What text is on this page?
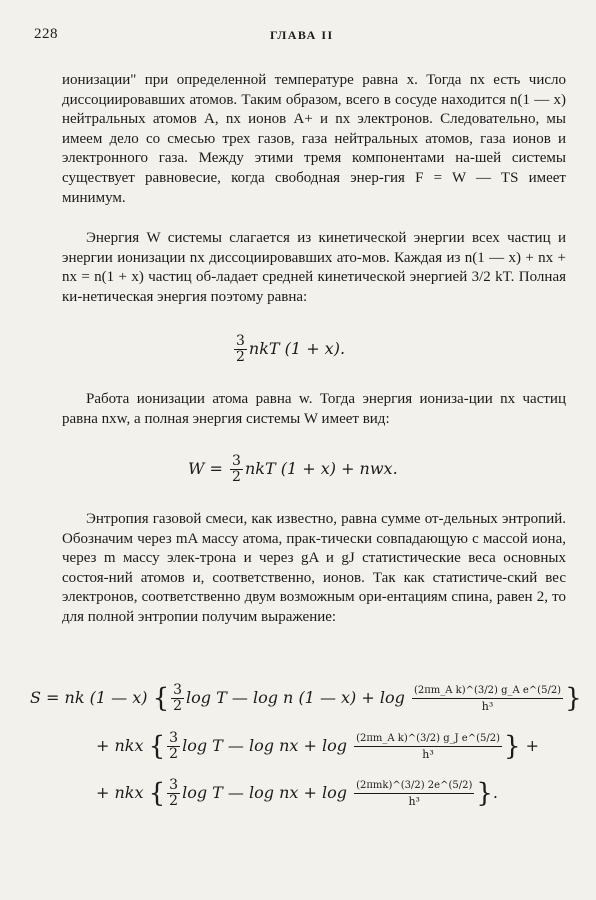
228	ГЛАВА II
ионизации" при определенной температуре равна x. Тогда nx есть число диссоциировавших атомов. Таким образом, всего в сосуде находится n(1 — x) нейтральных атомов A, nx ионов A+ и nx электронов. Следовательно, мы имеем дело со смесью трех газов, газа нейтральных атомов, газа ионов и электронного газа. Между этими тремя компонентами на-шей системы существует равновесие, когда свободная энер-гия F = W — TS имеет минимум.
Энергия W системы слагается из кинетической энергии всех частиц и энергии ионизации nx диссоциировавших ато-мов. Каждая из n(1 — x) + nx + nx = n(1 + x) частиц об-ладает средней кинетической энергией 3/2 kT. Полная ки-нетическая энергия поэтому равна:
$\frac{3}{2}$ nkT (1 + x).
Работа ионизации атома равна w. Тогда энергия иониза-ции nx частиц равна nxw, а полная энергия системы W имеет вид:
$W = \frac{3}{2}$ nkT (1 + x) + nwx.
Энтропия газовой смеси, как известно, равна сумме от-дельных энтропий. Обозначим через mA массу атома, прак-тически совпадающую с массой иона, через m массу элек-трона и через gA и gJ статистические веса основных состоя-ний атомов и, соответственно, ионов. Так как статистиче-ский вес электронов, соответственно двум возможным ори-ентациям спина, равен 2, то для полной энтропии получим выражение:
S = nk (1 — x) { $\frac{3}{2}$ log T — log n (1 — $x) + \log \frac{\text{(2πm\_A k)\textasciicircum{}(3/2) g\_A e\textasciicircum{}(5/2)}}{\text{h³}}$ }
+ nkx { $\frac{3}{2}$ log T — log nx + $\log \frac{\text{(2πm\_A k)\textasciicircum{}(3/2) g\_J e\textasciicircum{}(5/2)}}{\text{h³}}$ } +
+ nkx { $\frac{3}{2}$ log T — log nx + $\log \frac{\text{(2πmk)\textasciicircum{}(3/2) 2e\textasciicircum{}(5/2)}}{\text{h³}}$ }.
